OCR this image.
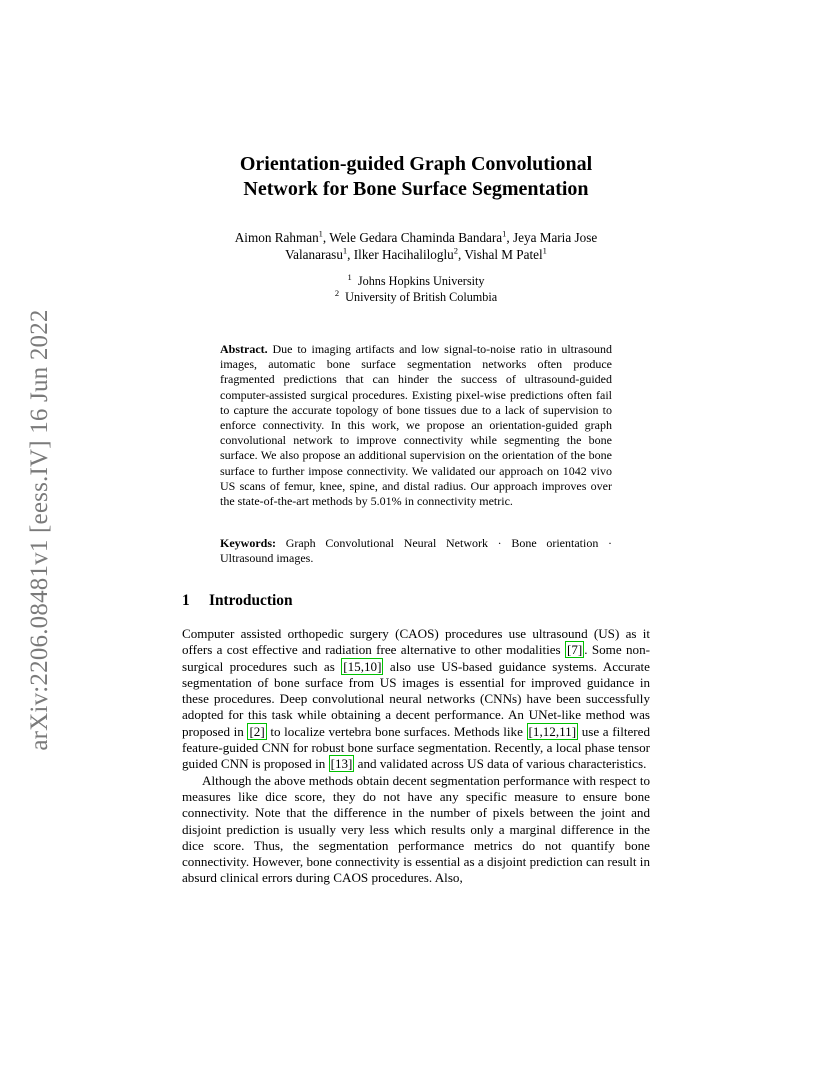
arXiv:2206.08481v1 [eess.IV] 16 Jun 2022
Orientation-guided Graph Convolutional
Network for Bone Surface Segmentation
Aimon Rahman$^1$, Wele Gedara Chaminda Bandara$^1$, Jeya Maria Jose
Valanarasu$^1$, Ilker Hacihaliloglu$^2$, Vishal M Patel$^1$
$^1$ Johns Hopkins University
$^2$ University of British Columbia
Abstract. Due to imaging artifacts and low signal-to-noise ratio in ultrasound images, automatic bone surface segmentation networks often produce fragmented predictions that can hinder the success of ultrasound-guided computer-assisted surgical procedures. Existing pixel-wise predictions often fail to capture the accurate topology of bone tissues due to a lack of supervision to enforce connectivity. In this work, we propose an orientation-guided graph convolutional network to improve connectivity while segmenting the bone surface. We also propose an additional supervision on the orientation of the bone surface to further impose connectivity. We validated our approach on 1042 vivo US scans of femur, knee, spine, and distal radius. Our approach improves over the state-of-the-art methods by 5.01% in connectivity metric.
Keywords: Graph Convolutional Neural Network · Bone orientation · Ultrasound images.
1 Introduction

Computer assisted orthopedic surgery (CAOS) procedures use ultrasound (US) as it offers a cost effective and radiation free alternative to other modalities [7] . Some non-surgical procedures such as [15,10] also use US-based guidance systems. Accurate segmentation of bone surface from US images is essential for improved guidance in these procedures. Deep convolutional neural networks (CNNs) have been successfully adopted for this task while obtaining a decent performance. An UNet-like method was proposed in [2] to localize vertebra bone surfaces. Methods like [1,12,11] use a filtered feature-guided CNN for robust bone surface segmentation. Recently, a local phase tensor guided CNN is proposed in [13] and validated across US data of various characteristics.

Although the above methods obtain decent segmentation performance with respect to measures like dice score, they do not have any specific measure to ensure bone connectivity. Note that the difference in the number of pixels between the joint and disjoint prediction is usually very less which results only a marginal difference in the dice score. Thus, the segmentation performance metrics do not quantify bone connectivity. However, bone connectivity is essential as a disjoint prediction can result in absurd clinical errors during CAOS procedures. Also,
